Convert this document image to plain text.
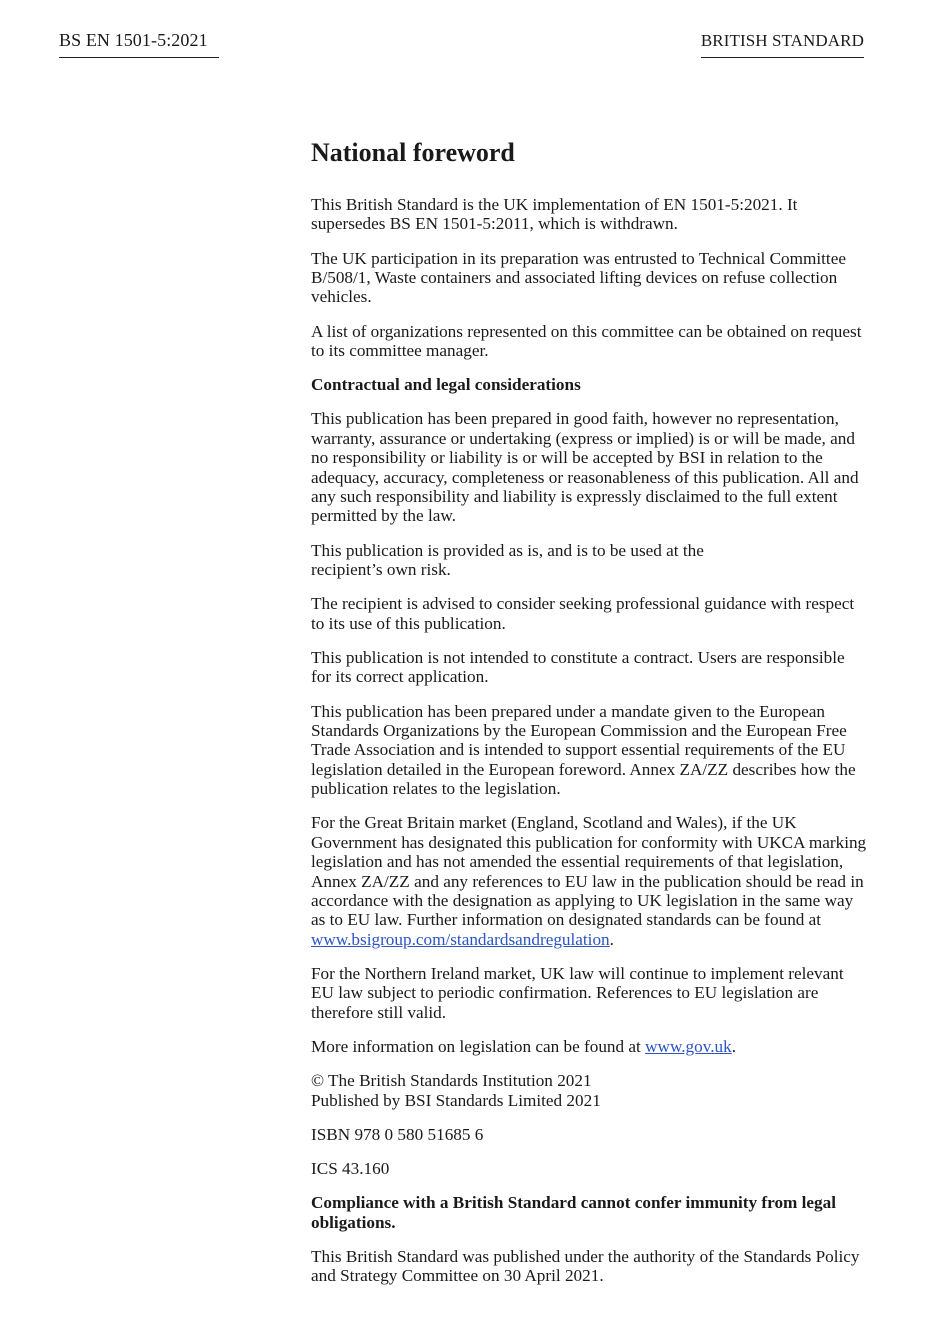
BS EN 1501-5:2021	BRITISH STANDARD
National foreword

This British Standard is the UK implementation of EN 1501-5:2021. It supersedes BS EN 1501-5:2011, which is withdrawn.

The UK participation in its preparation was entrusted to Technical Committee B/508/1, Waste containers and associated lifting devices on refuse collection vehicles.

A list of organizations represented on this committee can be obtained on request to its committee manager.

Contractual and legal considerations

This publication has been prepared in good faith, however no representation, warranty, assurance or undertaking (express or implied) is or will be made, and no responsibility or liability is or will be accepted by BSI in relation to the adequacy, accuracy, completeness or reasonableness of this publication. All and any such responsibility and liability is expressly disclaimed to the full extent permitted by the law.

This publication is provided as is, and is to be used at the
recipient’s own risk.

The recipient is advised to consider seeking professional guidance with respect to its use of this publication.

This publication is not intended to constitute a contract. Users are responsible for its correct application.

This publication has been prepared under a mandate given to the European Standards Organizations by the European Commission and the European Free Trade Association and is intended to support essential requirements of the EU legislation detailed in the European foreword. Annex ZA/ZZ describes how the publication relates to the legislation.

For the Great Britain market (England, Scotland and Wales), if the UK Government has designated this publication for conformity with UKCA marking legislation and has not amended the essential requirements of that legislation, Annex ZA/ZZ and any references to EU law in the publication should be read in accordance with the designation as applying to UK legislation in the same way as to EU law. Further information on designated standards can be found at www.bsigroup.com/standardsandregulation.

For the Northern Ireland market, UK law will continue to implement relevant EU law subject to periodic confirmation. References to EU legislation are therefore still valid.

More information on legislation can be found at www.gov.uk.

© The British Standards Institution 2021
Published by BSI Standards Limited 2021

ISBN 978 0 580 51685 6

ICS 43.160

Compliance with a British Standard cannot confer immunity from legal obligations.

This British Standard was published under the authority of the Standards Policy and Strategy Committee on 30 April 2021.
